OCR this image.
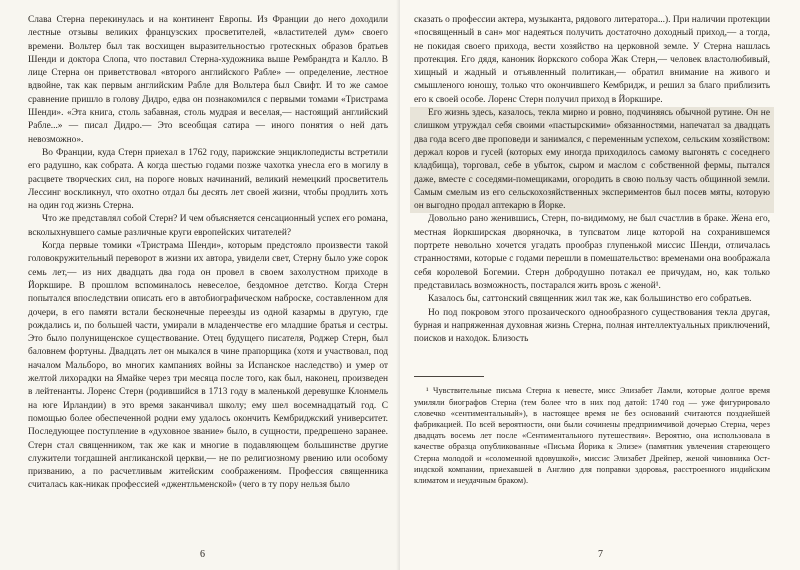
Слава Стерна перекинулась и на континент Европы. Из Франции до него доходили лестные отзывы великих французских просветителей, «властителей дум» своего времени. Вольтер был так восхищен выразительностью гротескных образов братьев Шенди и доктора Слопа, что поставил Стерна-художника выше Рембрандта и Калло. В лице Стерна он приветствовал «второго английского Рабле» — определение, лестное вдвойне, так как первым английским Рабле для Вольтера был Свифт. И то же самое сравнение пришло в голову Дидро, едва он познакомился с первыми томами «Тристрама Шенди». «Эта книга, столь забавная, столь мудрая и веселая,— настоящий английский Рабле...» — писал Дидро.— Это всеобщая сатира — иного понятия о ней дать невозможно».

Во Франции, куда Стерн приехал в 1762 году, парижские энциклопедисты встретили его радушно, как собрата. А когда шестью годами позже чахотка унесла его в могилу в расцвете творческих сил, на пороге новых начинаний, великий немецкий просветитель Лессинг воскликнул, что охотно отдал бы десять лет своей жизни, чтобы продлить хоть на один год жизнь Стерна.

Что же представлял собой Стерн? И чем объясняется сенсационный успех его романа, всколыхнувшего самые различные круги европейских читателей?

Когда первые томики «Тристрама Шенди», которым предстояло произвести такой головокружительный переворот в жизни их автора, увидели свет, Стерну было уже сорок семь лет,— из них двадцать два года он провел в своем захолустном приходе в Йоркшире. В прошлом вспоминалось невеселое, бездомное детство. Когда Стерн попытался впоследствии описать его в автобиографическом наброске, составленном для дочери, в его памяти встали бесконечные переезды из одной казармы в другую, где рождались и, по большей части, умирали в младенчестве его младшие братья и сестры. Это было полунищенское существование. Отец будущего писателя, Роджер Стерн, был баловнем фортуны. Двадцать лет он мыкался в чине прапорщика (хотя и участвовал, под началом Мальборо, во многих кампаниях войны за Испанское наследство) и умер от желтой лихорадки на Ямайке через три месяца после того, как был, наконец, произведен в лейтенанты. Лоренс Стерн (родившийся в 1713 году в маленькой деревушке Клонмель на юге Ирландии) в это время заканчивал школу; ему шел восемнадцатый год. С помощью более обеспеченной родни ему удалось окончить Кембриджский университет. Последующее поступление в «духовное звание» было, в сущности, предрешено заранее. Стерн стал священником, так же как и многие в подавляющем большинстве другие служители тогдашней англиканской церкви,— не по религиозному рвению или особому призванию, а по расчетливым житейским соображениям. Профессия священника считалась как-никак профессией «джентльменской» (чего в ту пору нельзя было

6

сказать о профессии актера, музыканта, рядового литератора...). При наличии протекции «посвященный в сан» мог надеяться получить достаточно доходный приход,— а тогда, не покидая своего прихода, вести хозяйство на церковной земле. У Стерна нашлась протекция. Его дядя, каноник йоркского собора Жак Стерн,— человек властолюбивый, хищный и жадный и отъявленный политикан,— обратил внимание на живого и смышленого юношу, только что окончившего Кембридж, и решил за благо приблизить его к своей особе. Лоренс Стерн получил приход в Йоркшире.

Его жизнь здесь, казалось, текла мирно и ровно, подчиняясь обычной рутине. Он не слишком утруждал себя своими «пастырскими» обязанностями, напечатал за двадцать два года всего две проповеди и занимался, с переменным успехом, сельским хозяйством: держал коров и гусей (которых ему иногда приходилось самому выгонять с соседнего кладбища), торговал, себе в убыток, сыром и маслом с собственной фермы, пытался даже, вместе с соседями-помещиками, огородить в свою пользу часть общинной земли. Самым смелым из его сельскохозяйственных экспериментов был посев мяты, которую он выгодно продал аптекарю в Йорке.

Довольно рано женившись, Стерн, по-видимому, не был счастлив в браке. Жена его, местная йоркширская дворяночка, в тупсватом лице которой на сохранившемся портрете невольно хочется угадать прообраз глупенькой миссис Шенди, отличалась странностями, которые с годами перешли в помешательство: временами она воображала себя королевой Богемии. Стерн добродушно потакал ее причудам, но, как только представилась возможность, постарался жить врозь с женой¹.

Казалось бы, саттонский священник жил так же, как большинство его собратьев.

Но под покровом этого прозаического однообразного существования текла другая, бурная и напряженная духовная жизнь Стерна, полная интеллектуальных приключений, поисков и находок. Близость

¹ Чувствительные письма Стерна к невесте, мисс Элизабет Ламли, которые долгое время умиляли биографов Стерна (тем более что в них под датой: 1740 год — уже фигурировало словечко «сентиментальный»), в настоящее время не без оснований считаются позднейшей фабрикацией. По всей вероятности, они были сочинены предприимчивой дочерью Стерна, через двадцать восемь лет после «Сентиментального путешествия». Вероятно, она использовала в качестве образца опубликованные «Письма Йорика к Элизе» (памятник увлечения стареющего Стерна молодой и «соломенной вдовушкой», миссис Элизабет Дрейпер, женой чиновника Ост-индской компании, приехавшей в Англию для поправки здоровья, расстроенного индийским климатом и неудачным браком).

7
